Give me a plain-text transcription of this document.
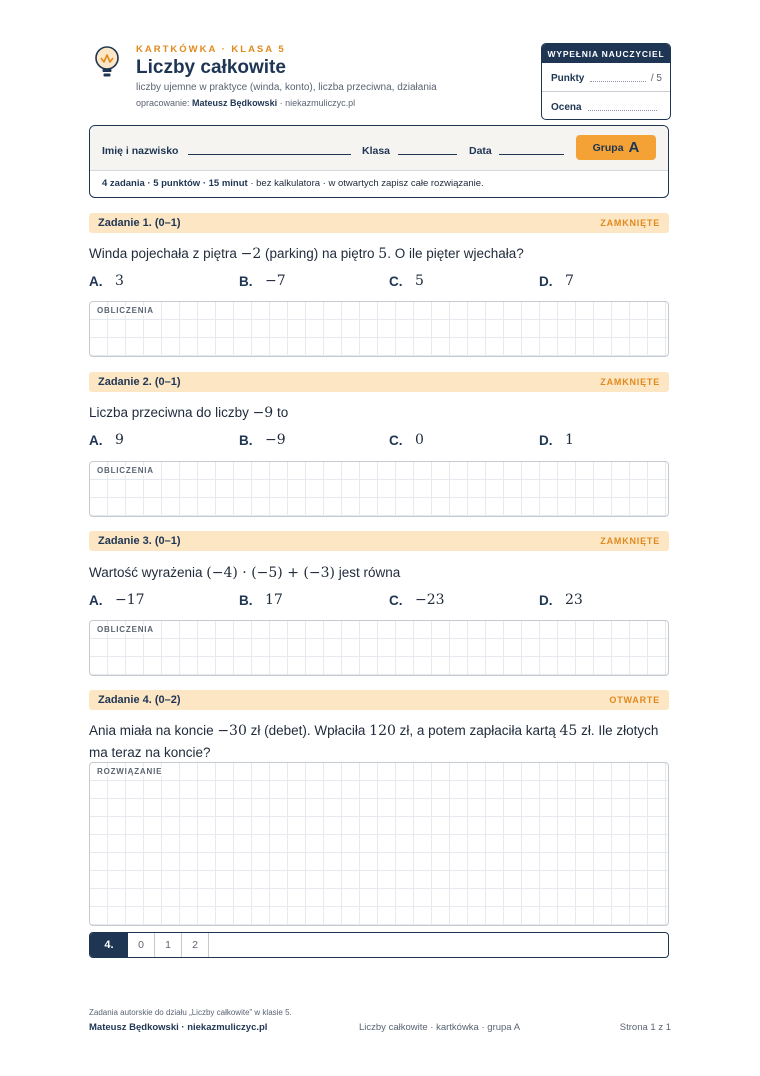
KARTKÓWKA · KLASA 5
Liczby całkowite
liczby ujemne w praktyce (winda, konto), liczba przeciwna, działania
opracowanie: Mateusz Będkowski · niekazmuliczyc.pl
WYPEŁNIA NAUCZYCIEL
Punkty	/ 5
Ocena
Imię i nazwisko	Klasa	Data	Grupa A
4 zadania · 5 punktów · 15 minut · bez kalkulatora · w otwartych zapisz całe rozwiązanie.
Zadanie 1. (0–1)	ZAMKNIĘTE
Winda pojechała z piętra −2 (parking) na piętro 5. O ile pięter wjechała?
A. 3	B. −7	C. 5	D. 7
OBLICZENIA
Zadanie 2. (0–1)	ZAMKNIĘTE
Liczba przeciwna do liczby −9 to
A. 9	B. −9	C. 0	D. 1
OBLICZENIA
Zadanie 3. (0–1)	ZAMKNIĘTE
Wartość wyrażenia (−4) · (−5) + (−3) jest równa
A. −17	B. 17	C. −23	D. 23
OBLICZENIA
Zadanie 4. (0–2)	OTWARTE
Ania miała na koncie −30 zł (debet). Wpłaciła 120 zł, a potem zapłaciła kartą 45 zł. Ile złotych ma teraz na koncie?
ROZWIĄZANIE
4.	0	1	2
Zadania autorskie do działu „Liczby całkowite” w klasie 5.
Mateusz Będkowski · niekazmuliczyc.pl	Liczby całkowite · kartkówka · grupa A	Strona 1 z 1
